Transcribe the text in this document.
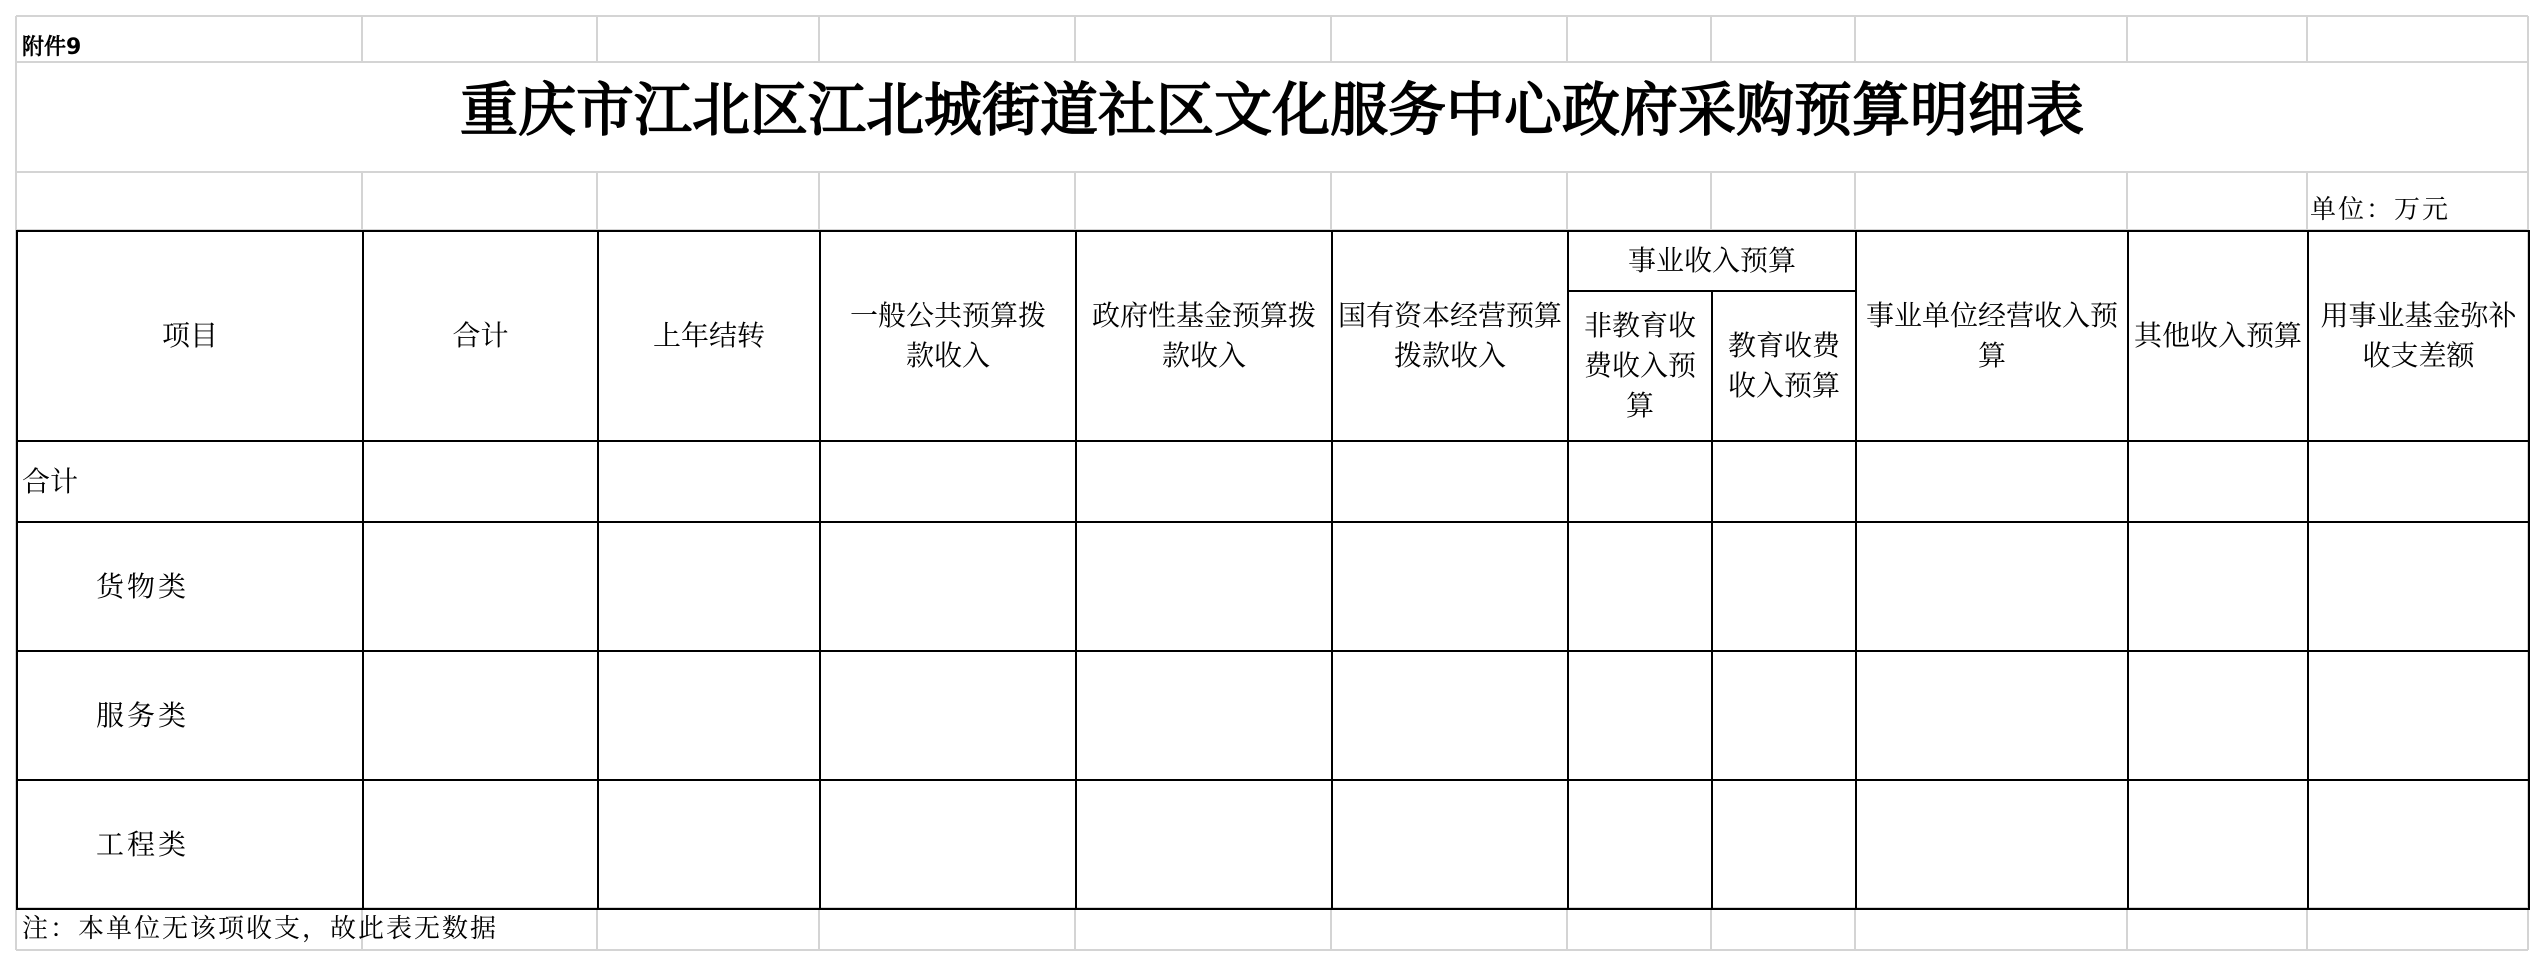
附件9
重庆市江北区江北城街道社区文化服务中心政府采购预算明细表
单位：万元
项目	合计	上年结转	一般公共预算拨款收入	政府性基金预算拨款收入	国有资本经营预算拨款收入	事业收入预算		事业单位经营收入预算	其他收入预算	用事业基金弥补收支差额

						非教育收费收入预算	教育收费收入预算			

合计										
货物类										
服务类										
工程类										
注：本单位无该项收支，故此表无数据
